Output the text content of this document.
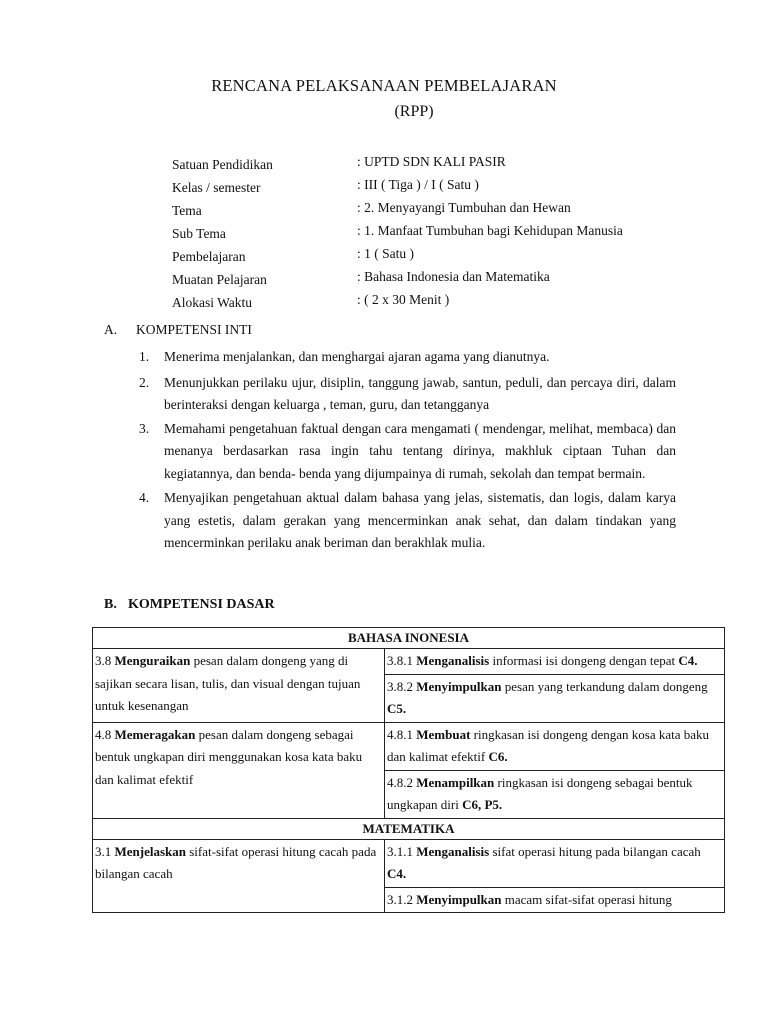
RENCANA PELAKSANAAN PEMBELAJARAN
(RPP)
Satuan Pendidikan	: UPTD SDN KALI PASIR
Kelas / semester	: III ( Tiga ) / I ( Satu )
Tema	: 2. Menyayangi Tumbuhan dan Hewan
Sub Tema	: 1. Manfaat Tumbuhan bagi Kehidupan Manusia
Pembelajaran	: 1 ( Satu )
Muatan Pelajaran	: Bahasa Indonesia dan Matematika
Alokasi Waktu	: ( 2 x 30 Menit )
A. KOMPETENSI INTI
1. Menerima menjalankan, dan menghargai ajaran agama yang dianutnya.
2. Menunjukkan perilaku ujur, disiplin, tanggung jawab, santun, peduli, dan percaya diri, dalam berinteraksi dengan keluarga , teman, guru, dan tetangganya
3. Memahami pengetahuan faktual dengan cara mengamati ( mendengar, melihat, membaca) dan menanya berdasarkan rasa ingin tahu tentang dirinya, makhluk ciptaan Tuhan dan kegiatannya, dan benda- benda yang dijumpainya di rumah, sekolah dan tempat bermain.
4. Menyajikan pengetahuan aktual dalam bahasa yang jelas, sistematis, dan logis, dalam karya yang estetis, dalam gerakan yang mencerminkan anak sehat, dan dalam tindakan yang mencerminkan perilaku anak beriman dan berakhlak mulia.
B. KOMPETENSI DASAR
BAHASA INONESIA	
3.8 Menguraikan pesan dalam dongeng yang di sajikan secara lisan, tulis, dan visual dengan tujuan untuk kesenangan	3.8.1 Menganalisis informasi isi dongeng dengan tepat C4.
	3.8.2 Menyimpulkan pesan yang terkandung dalam dongeng C5.
4.8 Memeragakan pesan dalam dongeng sebagai bentuk ungkapan diri menggunakan kosa kata baku dan kalimat efektif	4.8.1 Membuat ringkasan isi dongeng dengan kosa kata baku dan kalimat efektif C6.
	4.8.2 Menampilkan ringkasan isi dongeng sebagai bentuk ungkapan diri C6, P5.
MATEMATIKA	
3.1 Menjelaskan sifat-sifat operasi hitung cacah pada bilangan cacah	3.1.1 Menganalisis sifat operasi hitung pada bilangan cacah C4.
	3.1.2 Menyimpulkan macam sifat-sifat operasi hitung
